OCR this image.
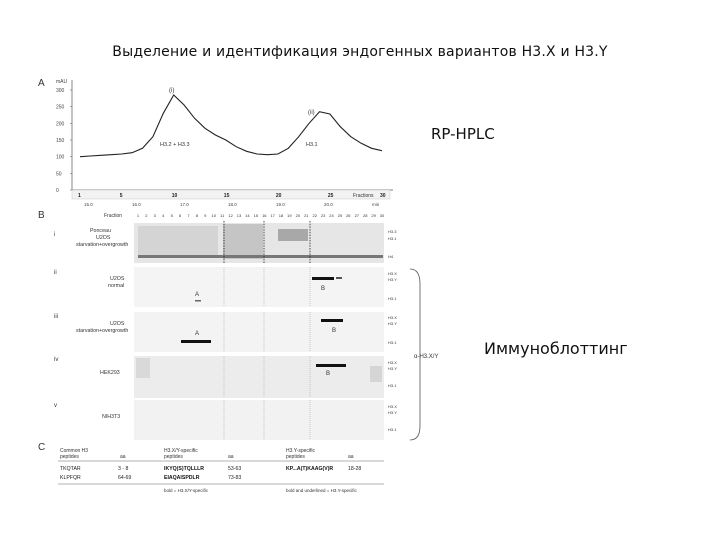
Выделение и идентификация эндогенных вариантов Н3.X и Н3.Y
A mAU
300
250
200
150
100
50
0
(i)
(ii)
H3.2 + H3.3	H3.1
1	5	10	15	20	25	30
Fractions
15.0	16.0	17.0	18.0	19.0	20.0	min
B	Fraction	1 2 3 4 5 6 7 8 9 10 11 12 13 14 15 16 17 18 19 20 21 22 23 24 25 26 27 28 29 30
i
Ponceau
U2OS
starvation+overgrowth
H3.3
H3.1
H4
ii
U2OS
normal
A
B
H3.X
H3.Y
H3.1
iii
U2OS
starvation+overgrowth	A	B
H3.X
H3.Y
H3.1
iv
HEK293	B
H3.X
H3.Y
H3.1
v
NIH3T3
H3.X
H3.Y
H3.1
α-H3.X/Y
C	Common H3
peptides	aa
H3.X/Y-specific
peptides	aa
H3.Y-specific
peptides	aa
TKQTAR	3 - 8	IKYQ(S)TQLLLR	53-63	KP...A(T)KAAG(V)R	18-28
KLPFQR	64-69	EIAQAISPDLR	73-83
bold = H3.X/Y-specific	bold and underlined = H3.Y-specific
RP-HPLC
Иммуноблоттинг
